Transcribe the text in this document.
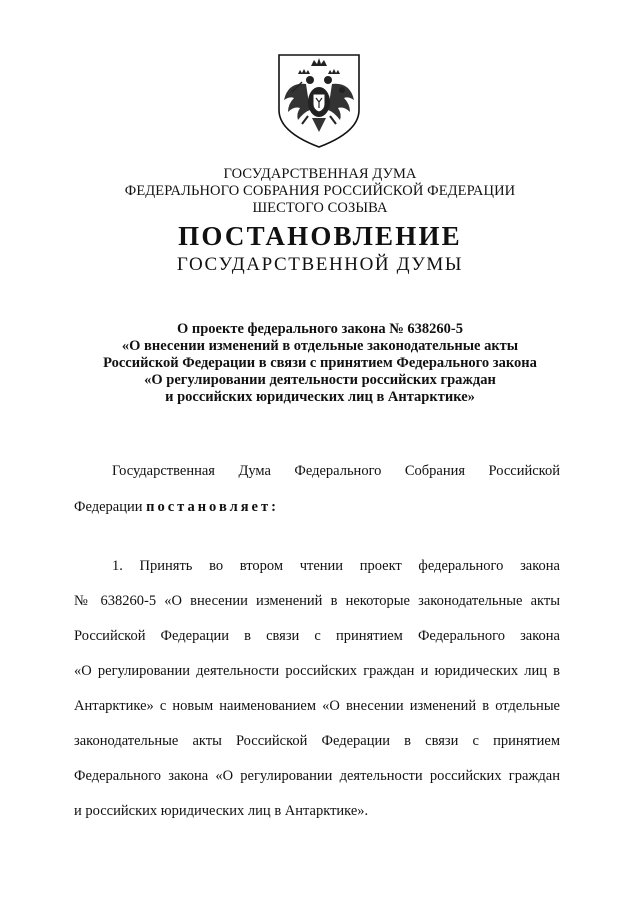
ГОСУДАРСТВЕННАЯ ДУМА
ФЕДЕРАЛЬНОГО СОБРАНИЯ РОССИЙСКОЙ ФЕДЕРАЦИИ
ШЕСТОГО СОЗЫВА
ПОСТАНОВЛЕНИЕ
ГОСУДАРСТВЕННОЙ ДУМЫ
О проекте федерального закона № 638260-5
«О внесении изменений в отдельные законодательные акты
Российской Федерации в связи с принятием Федерального закона
«О регулировании деятельности российских граждан
и российских юридических лиц в Антарктике»
Государственная Дума Федерального Собрания Российской
Федерации постановляет:
1. Принять во втором чтении проект федерального закона
№ 638260-5 «О внесении изменений в некоторые законодательные акты
Российской Федерации в связи с принятием Федерального закона
«О регулировании деятельности российских граждан и юридических лиц в
Антарктике» с новым наименованием «О внесении изменений в отдельные
законодательные акты Российской Федерации в связи с принятием
Федерального закона «О регулировании деятельности российских граждан
и российских юридических лиц в Антарктике».
